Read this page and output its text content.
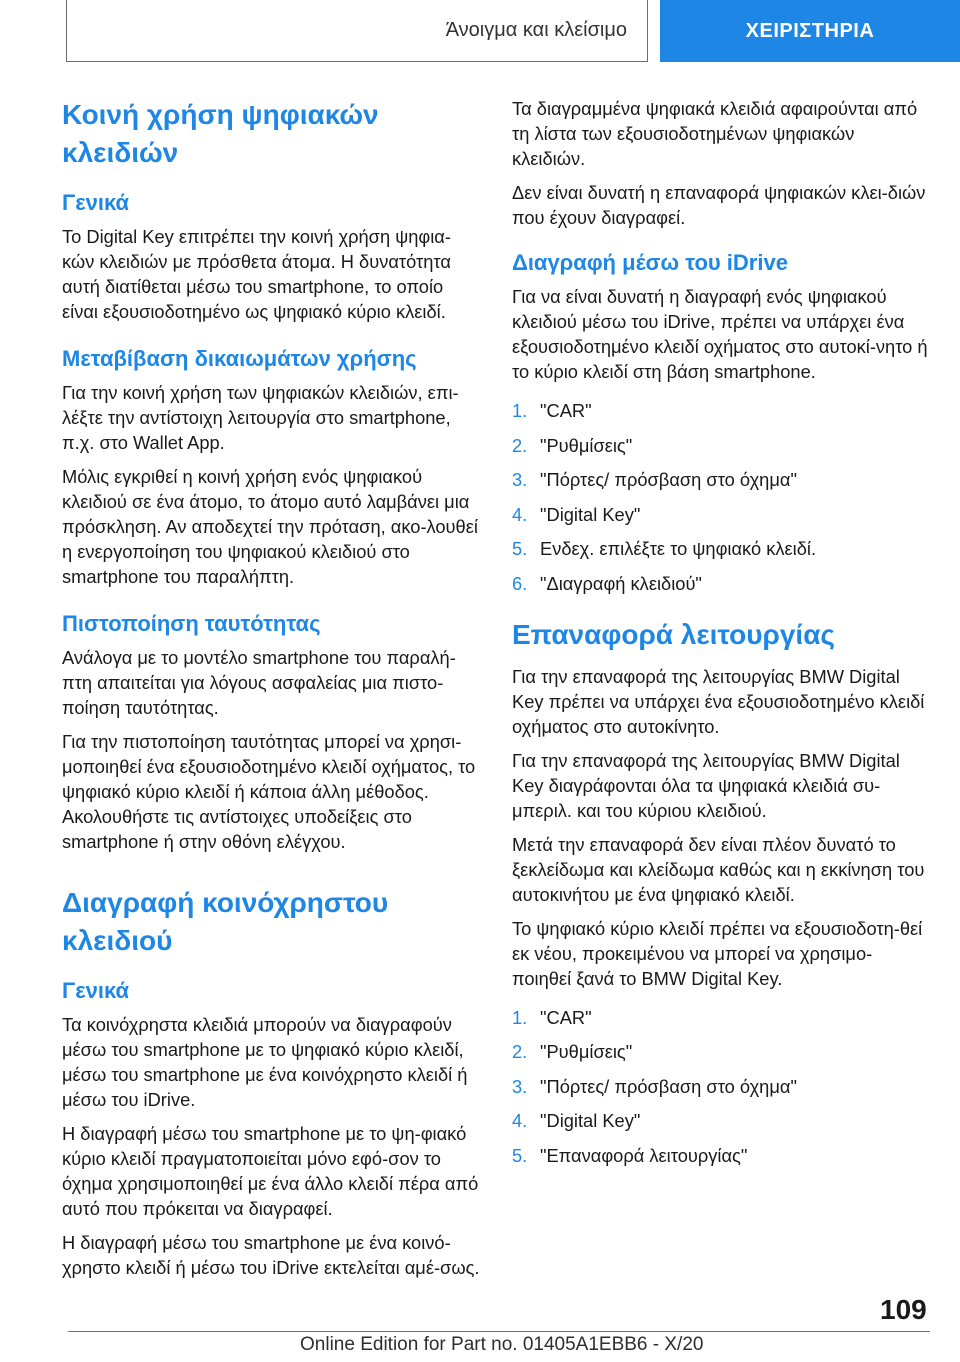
Άνοιγμα και κλείσιμο	ΧΕΙΡΙΣΤΗΡΙΑ
Κοινή χρήση ψηφιακών κλειδιών
Γενικά

Το Digital Key επιτρέπει την κοινή χρήση ψηφια-κών κλειδιών με πρόσθετα άτομα. Η δυνατότητα αυτή διατίθεται μέσω του smartphone, το οποίο είναι εξουσιοδοτημένο ως ψηφιακό κύριο κλειδί.

Μεταβίβαση δικαιωμάτων χρήσης

Για την κοινή χρήση των ψηφιακών κλειδιών, επι-λέξτε την αντίστοιχη λειτουργία στο smartphone, π.χ. στο Wallet App.

Μόλις εγκριθεί η κοινή χρήση ενός ψηφιακού κλειδιού σε ένα άτομο, το άτομο αυτό λαμβάνει μια πρόσκληση. Αν αποδεχτεί την πρόταση, ακο-λουθεί η ενεργοποίηση του ψηφιακού κλειδιού στο smartphone του παραλήπτη.

Πιστοποίηση ταυτότητας

Ανάλογα με το μοντέλο smartphone του παραλή-πτη απαιτείται για λόγους ασφαλείας μια πιστο-ποίηση ταυτότητας.

Για την πιστοποίηση ταυτότητας μπορεί να χρησι-μοποιηθεί ένα εξουσιοδοτημένο κλειδί οχήματος, το ψηφιακό κύριο κλειδί ή κάποια άλλη μέθοδος. Ακολουθήστε τις αντίστοιχες υποδείξεις στο smartphone ή στην οθόνη ελέγχου.

Διαγραφή κοινόχρηστου κλειδιού
Γενικά

Τα κοινόχρηστα κλειδιά μπορούν να διαγραφούν μέσω του smartphone με το ψηφιακό κύριο κλειδί, μέσω του smartphone με ένα κοινόχρηστο κλειδί ή μέσω του iDrive.

Η διαγραφή μέσω του smartphone με το ψη-φιακό κύριο κλειδί πραγματοποιείται μόνο εφό-σον το όχημα χρησιμοποιηθεί με ένα άλλο κλειδί πέρα από αυτό που πρόκειται να διαγραφεί.

Η διαγραφή μέσω του smartphone με ένα κοινό-χρηστο κλειδί ή μέσω του iDrive εκτελείται αμέ-σως.

Τα διαγραμμένα ψηφιακά κλειδιά αφαιρούνται από τη λίστα των εξουσιοδοτημένων ψηφιακών κλειδιών.

Δεν είναι δυνατή η επαναφορά ψηφιακών κλει-διών που έχουν διαγραφεί.

Διαγραφή μέσω του iDrive

Για να είναι δυνατή η διαγραφή ενός ψηφιακού κλειδιού μέσω του iDrive, πρέπει να υπάρχει ένα εξουσιοδοτημένο κλειδί οχήματος στο αυτοκί-νητο ή το κύριο κλειδί στη βάση smartphone.

1. "CAR"
2. "Ρυθμίσεις"
3. "Πόρτες/ πρόσβαση στο όχημα"
4. "Digital Key"
5. Ενδεχ. επιλέξτε το ψηφιακό κλειδί.
6. "Διαγραφή κλειδιού"
Επαναφορά λειτουργίας

Για την επαναφορά της λειτουργίας BMW Digital Key πρέπει να υπάρχει ένα εξουσιοδοτημένο κλειδί οχήματος στο αυτοκίνητο.

Για την επαναφορά της λειτουργίας BMW Digital Key διαγράφονται όλα τα ψηφιακά κλειδιά συ-μπεριλ. και του κύριου κλειδιού.

Μετά την επαναφορά δεν είναι πλέον δυνατό το ξεκλείδωμα και κλείδωμα καθώς και η εκκίνηση του αυτοκινήτου με ένα ψηφιακό κλειδί.

Το ψηφιακό κύριο κλειδί πρέπει να εξουσιοδοτη-θεί εκ νέου, προκειμένου να μπορεί να χρησιμο-ποιηθεί ξανά το BMW Digital Key.

1. "CAR"
2. "Ρυθμίσεις"
3. "Πόρτες/ πρόσβαση στο όχημα"
4. "Digital Key"
5. "Επαναφορά λειτουργίας"
109
Online Edition for Part no. 01405A1EBB6 - X/20
